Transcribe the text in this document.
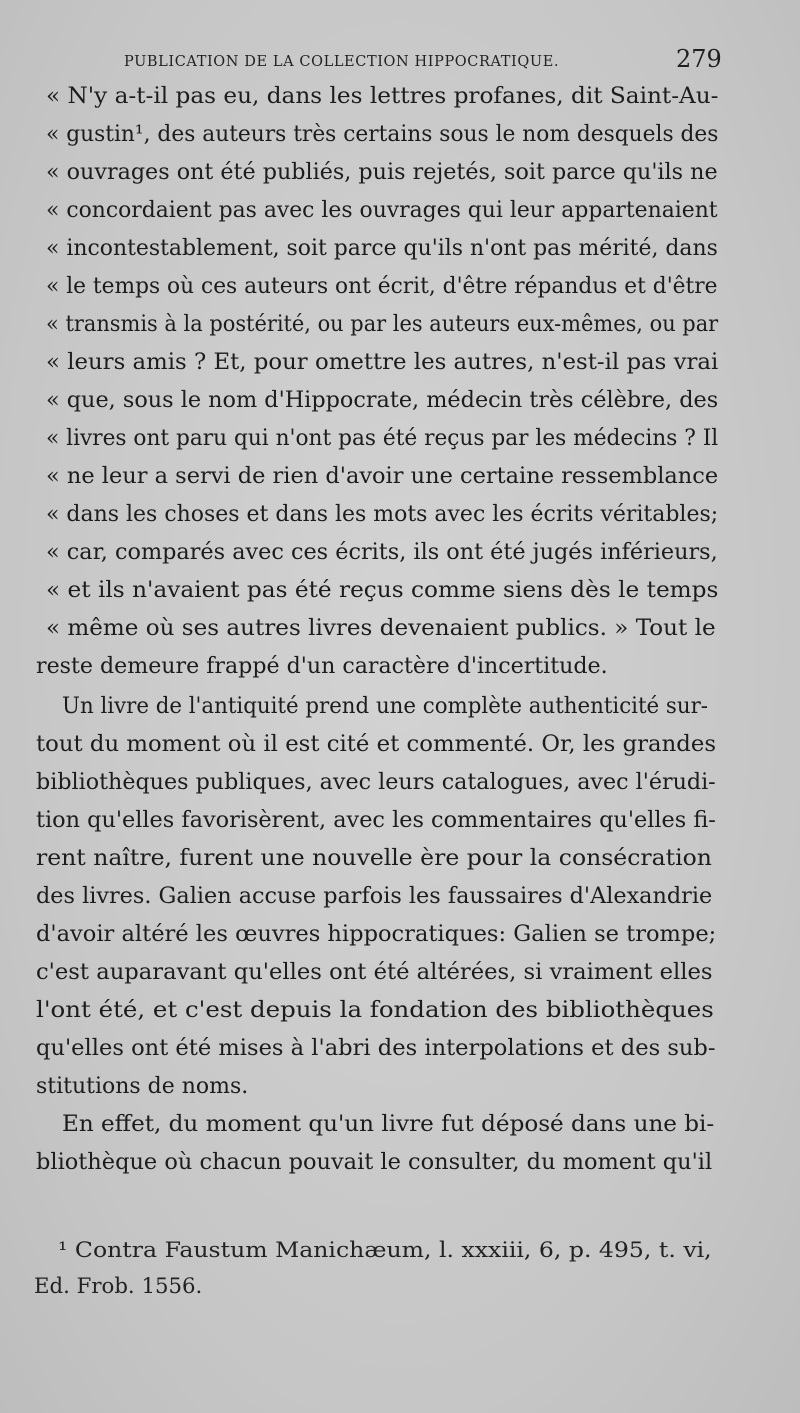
PUBLICATION DE LA COLLECTION HIPPOCRATIQUE.	279
« N'y a-t-il pas eu, dans les lettres profanes, dit Saint-Au-
« gustin¹, des auteurs très certains sous le nom desquels des
« ouvrages ont été publiés, puis rejetés, soit parce qu'ils ne
« concordaient pas avec les ouvrages qui leur appartenaient
« incontestablement, soit parce qu'ils n'ont pas mérité, dans
« le temps où ces auteurs ont écrit, d'être répandus et d'être
« transmis à la postérité, ou par les auteurs eux-mêmes, ou par
« leurs amis ? Et, pour omettre les autres, n'est-il pas vrai
« que, sous le nom d'Hippocrate, médecin très célèbre, des
« livres ont paru qui n'ont pas été reçus par les médecins ? Il
« ne leur a servi de rien d'avoir une certaine ressemblance
« dans les choses et dans les mots avec les écrits véritables;
« car, comparés avec ces écrits, ils ont été jugés inférieurs,
« et ils n'avaient pas été reçus comme siens dès le temps
« même où ses autres livres devenaient publics. » Tout le
reste demeure frappé d'un caractère d'incertitude.
Un livre de l'antiquité prend une complète authenticité sur-
tout du moment où il est cité et commenté. Or, les grandes
bibliothèques publiques, avec leurs catalogues, avec l'érudi-
tion qu'elles favorisèrent, avec les commentaires qu'elles fi-
rent naître, furent une nouvelle ère pour la consécration
des livres. Galien accuse parfois les faussaires d'Alexandrie
d'avoir altéré les œuvres hippocratiques: Galien se trompe;
c'est auparavant qu'elles ont été altérées, si vraiment elles
l'ont été, et c'est depuis la fondation des bibliothèques
qu'elles ont été mises à l'abri des interpolations et des sub-
stitutions de noms.
En effet, du moment qu'un livre fut déposé dans une bi-
bliothèque où chacun pouvait le consulter, du moment qu'il
¹ Contra Faustum Manichæum, l. xxxiii, 6, p. 495, t. vi,
Ed. Frob. 1556.
